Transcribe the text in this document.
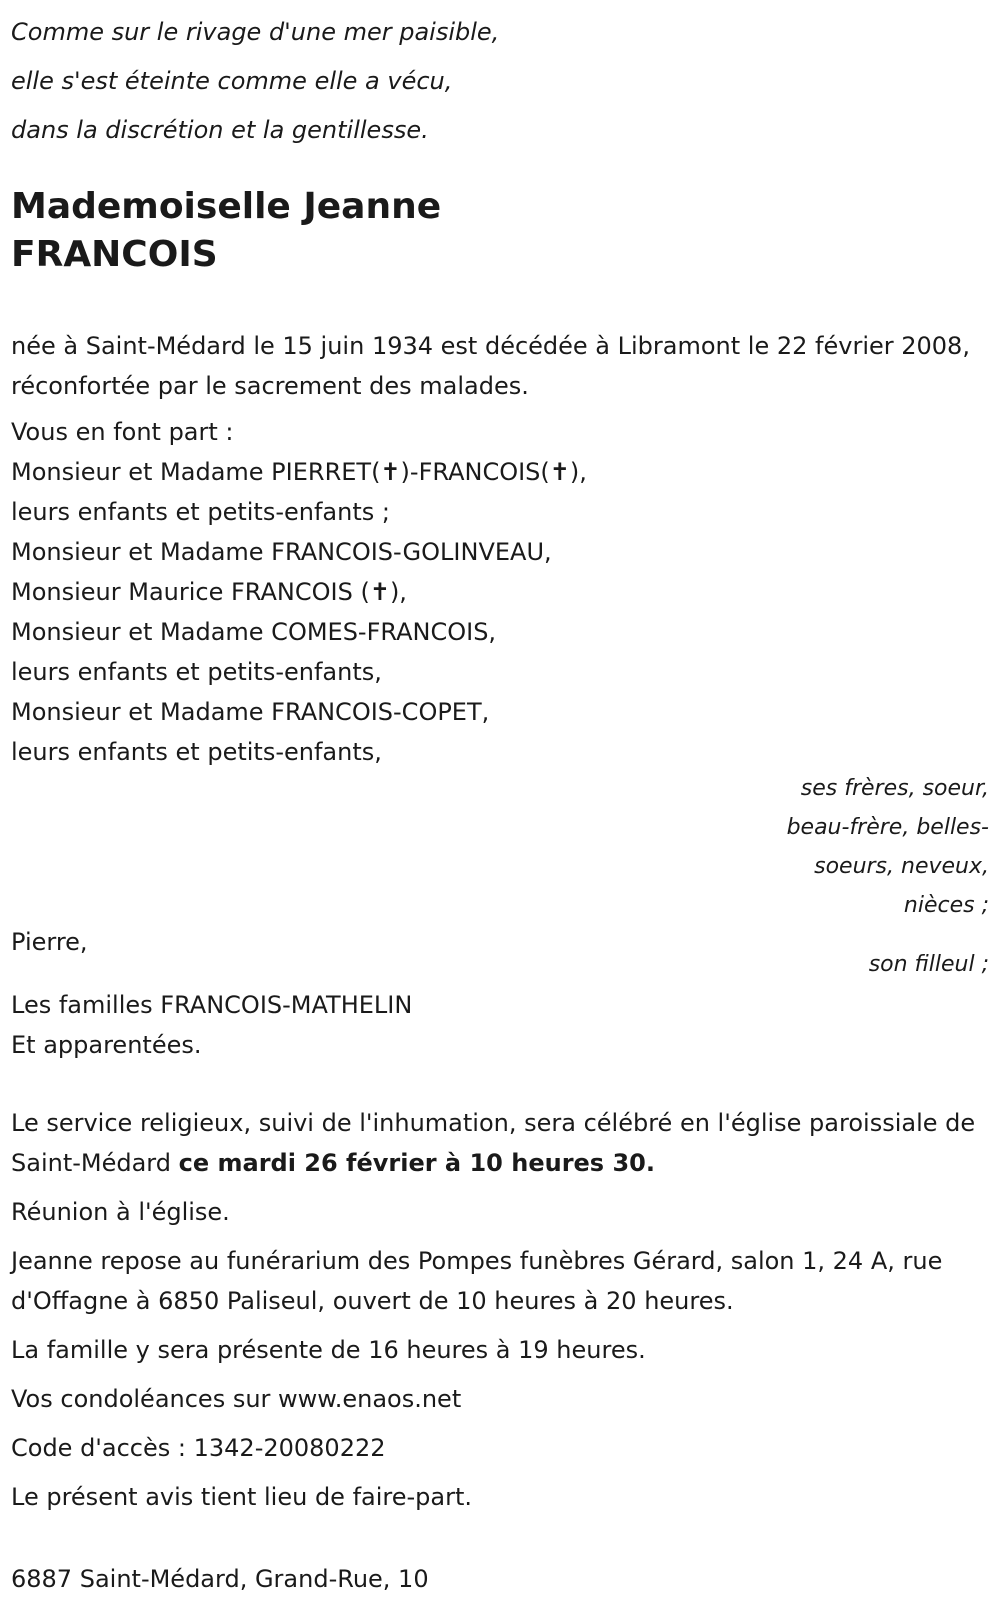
Comme sur le rivage d'une mer paisible,
elle s'est éteinte comme elle a vécu,
dans la discrétion et la gentillesse.
Mademoiselle Jeanne
FRANCOIS
née à Saint-Médard le 15 juin 1934 est décédée à Libramont le 22 février 2008, réconfortée par le sacrement des malades.
Vous en font part :
Monsieur et Madame PIERRET(✝)-FRANCOIS(✝),
leurs enfants et petits-enfants ;
Monsieur et Madame FRANCOIS-GOLINVEAU,
Monsieur Maurice FRANCOIS (✝),
Monsieur et Madame COMES-FRANCOIS,
leurs enfants et petits-enfants,
Monsieur et Madame FRANCOIS-COPET,
leurs enfants et petits-enfants,
ses frères, soeur,
beau-frère, belles-
soeurs, neveux,
nièces ;
Pierre,
son filleul ;
Les familles FRANCOIS-MATHELIN
Et apparentées.
Le service religieux, suivi de l'inhumation, sera célébré en l'église paroissiale de Saint-Médard ce mardi 26 février à 10 heures 30.
Réunion à l'église.
Jeanne repose au funérarium des Pompes funèbres Gérard, salon 1, 24 A, rue d'Offagne à 6850 Paliseul, ouvert de 10 heures à 20 heures.
La famille y sera présente de 16 heures à 19 heures.
Vos condoléances sur www.enaos.net
Code d'accès : 1342-20080222
Le présent avis tient lieu de faire-part.
6887 Saint-Médard, Grand-Rue, 10
